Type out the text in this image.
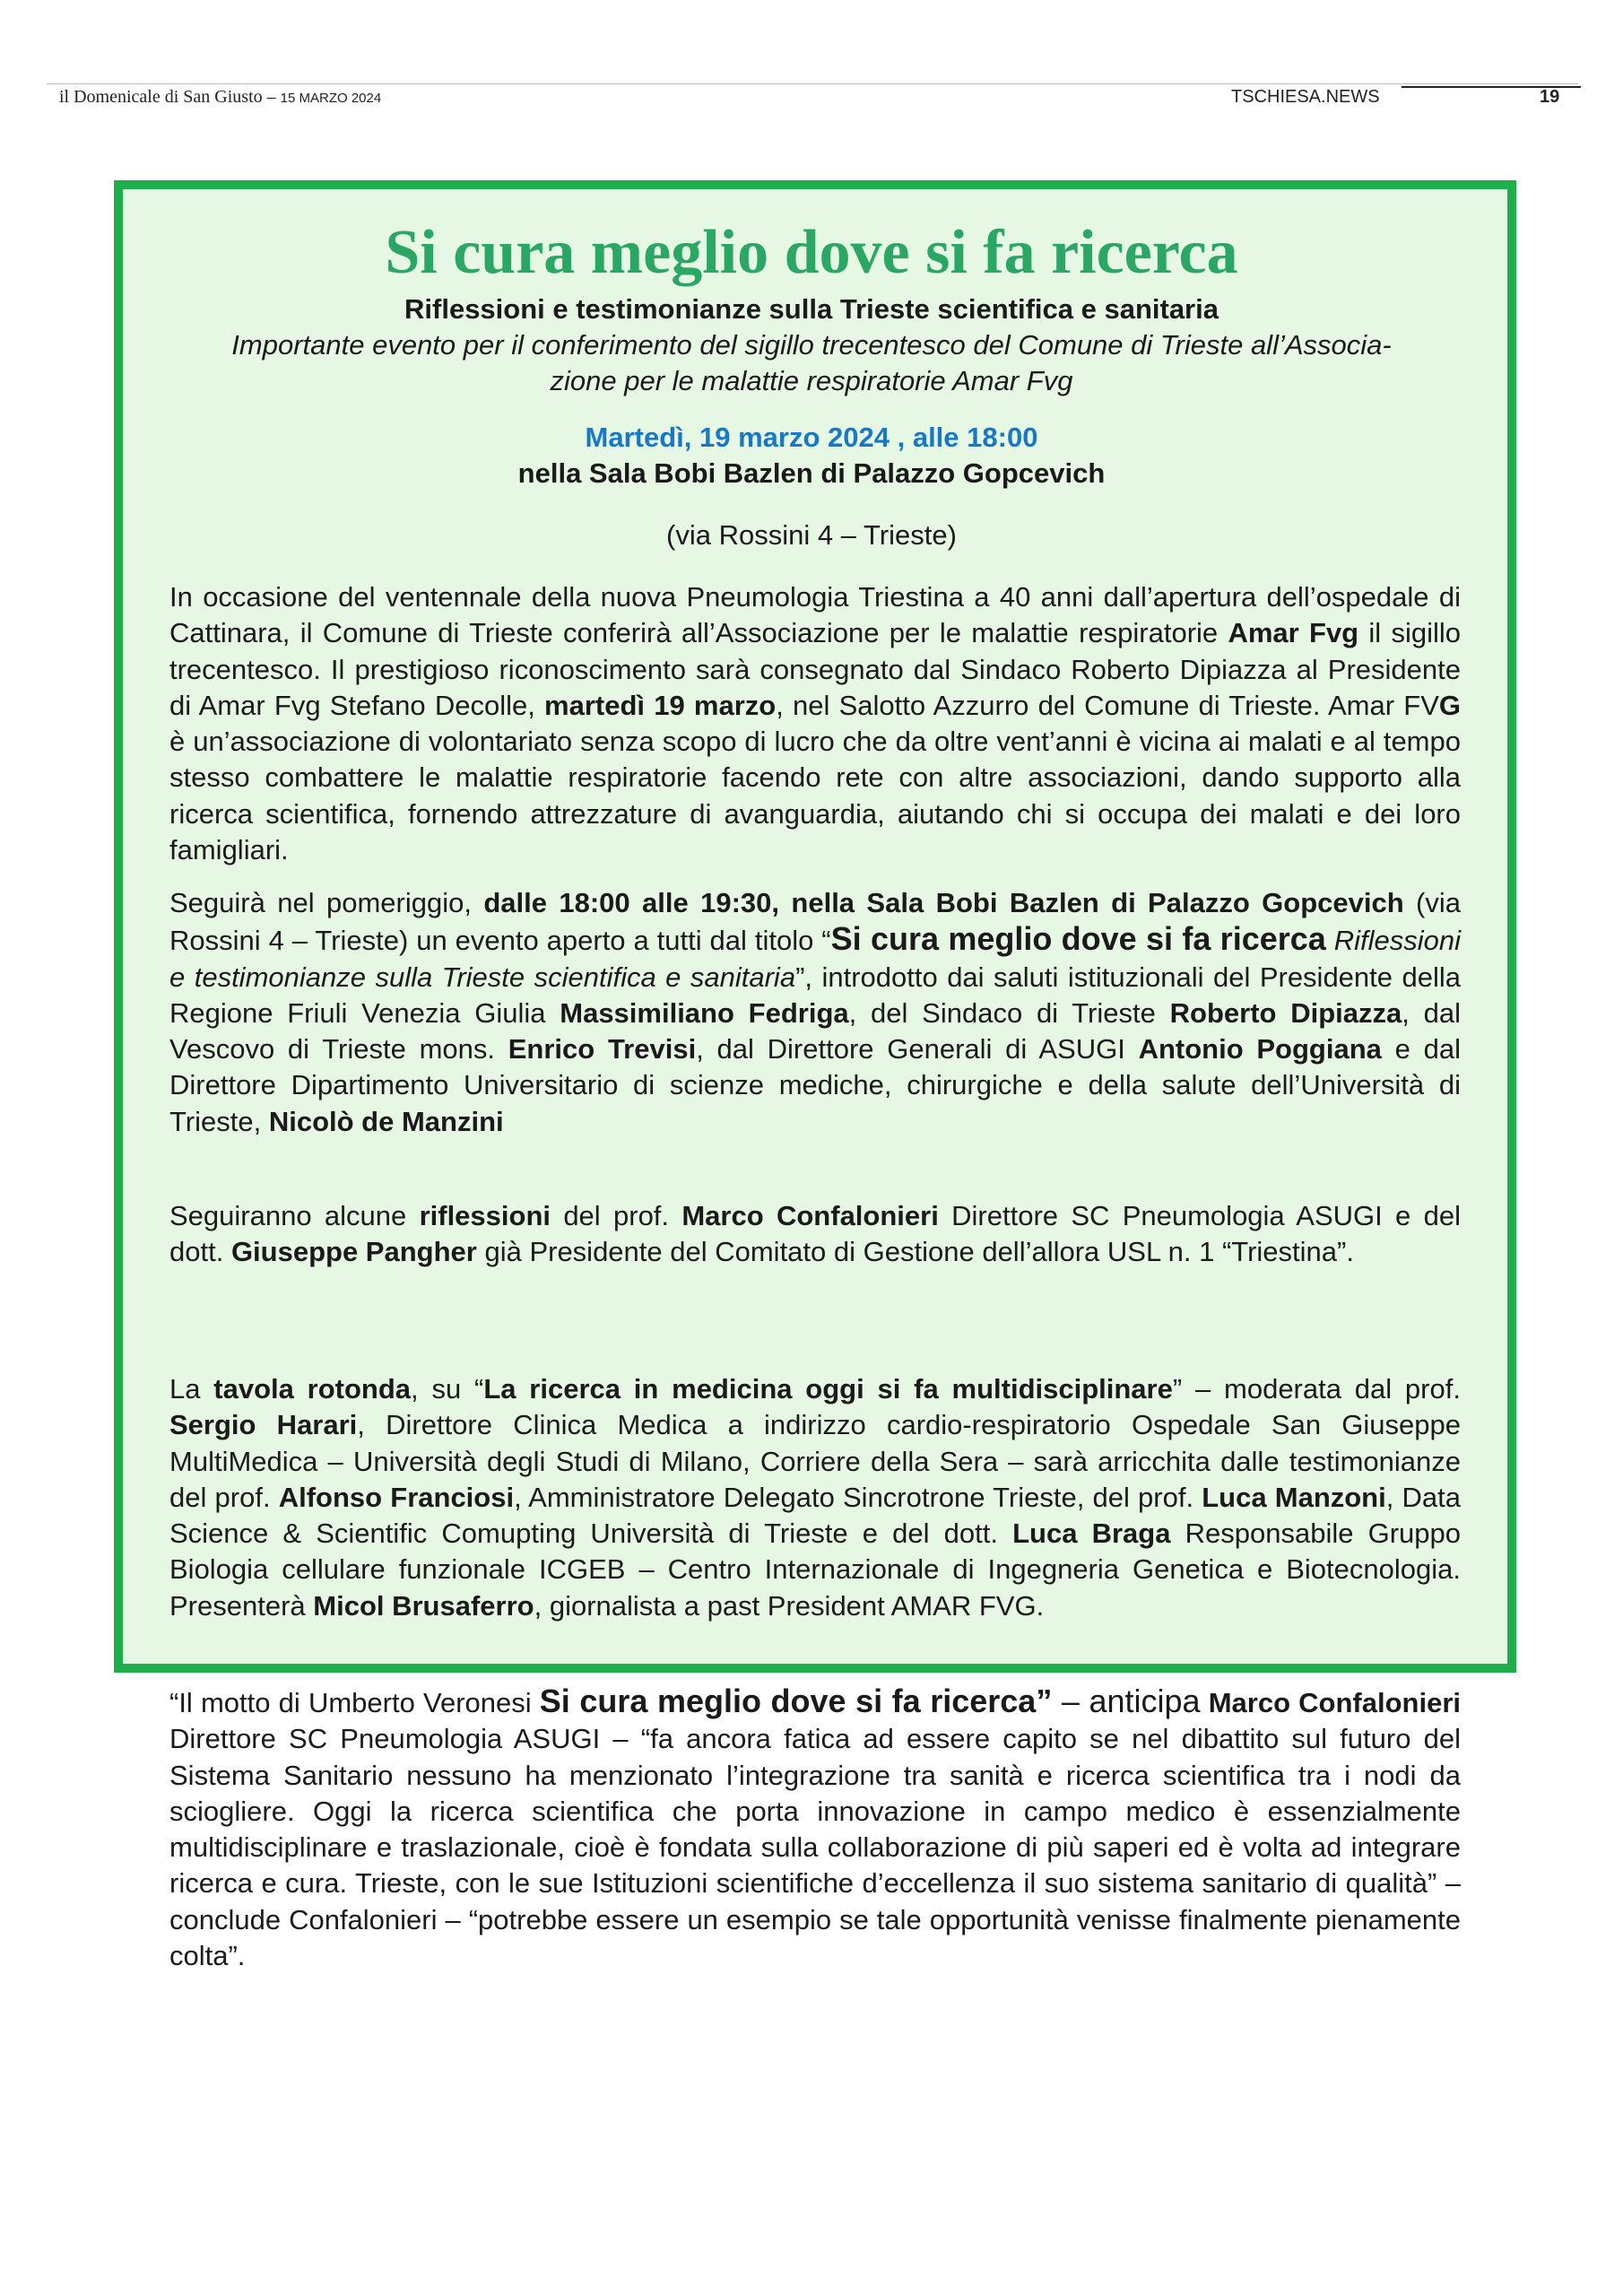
il Domenicale di San Giusto – 15 MARZO 2024	TSCHIESA.NEWS	19
Si cura meglio dove si fa ricerca
Riflessioni e testimonianze sulla Trieste scientifica e sanitaria
Importante evento per il conferimento del sigillo trecentesco del Comune di Trieste all’Associa-
zione per le malattie respiratorie Amar Fvg
Martedì, 19 marzo 2024 , alle 18:00
nella Sala Bobi Bazlen di Palazzo Gopcevich
(via Rossini 4 – Trieste)

In occasione del ventennale della nuova Pneumologia Triestina a 40 anni dall’apertura dell’ospedale di Cattinara, il Comune di Trieste conferirà all’Associazione per le malattie respiratorie Amar Fvg il sigillo trecentesco. Il prestigioso riconoscimento sarà consegnato dal Sindaco Roberto Dipiazza al Presidente di Amar Fvg Stefano Decolle, martedì 19 marzo, nel Salotto Azzurro del Comune di Trieste. Amar FVG è un’associazione di volontariato senza scopo di lucro che da oltre vent’anni è vicina ai malati e al tempo stesso combattere le malattie respiratorie facendo rete con altre associazioni, dando supporto alla ricerca scientifica, fornendo attrezzature di avanguardia, aiutando chi si occupa dei malati e dei loro famigliari.

Seguirà nel pomeriggio, dalle 18:00 alle 19:30, nella Sala Bobi Bazlen di Palazzo Gopcevich (via Rossini 4 – Trieste) un evento aperto a tutti dal titolo “Si cura meglio dove si fa ricerca Riflessioni e testimonianze sulla Trieste scientifica e sanitaria”, introdotto dai saluti istituzionali del Presidente della Regione Friuli Venezia Giulia Massimiliano Fedriga, del Sindaco di Trieste Roberto Dipiazza, dal Vescovo di Trieste mons. Enrico Trevisi, dal Direttore Generali di ASUGI Antonio Poggiana e dal Direttore Dipartimento Universitario di scienze mediche, chirurgiche e della salute dell’Università di Trieste, Nicolò de Manzini

Seguiranno alcune riflessioni del prof. Marco Confalonieri Direttore SC Pneumologia ASUGI e del dott. Giuseppe Pangher già Presidente del Comitato di Gestione dell’allora USL n. 1 “Triestina”.

La tavola rotonda, su “La ricerca in medicina oggi si fa multidisciplinare” – moderata dal prof. Sergio Harari, Direttore Clinica Medica a indirizzo cardio-respiratorio Ospedale San Giuseppe MultiMedica – Università degli Studi di Milano, Corriere della Sera – sarà arricchita dalle testimonianze del prof. Alfonso Franciosi, Amministratore Delegato Sincrotrone Trieste, del prof. Luca Manzoni, Data Science & Scientific Comupting Università di Trieste e del dott. Luca Braga Responsabile Gruppo Biologia cellulare funzionale ICGEB – Centro Internazionale di Ingegneria Genetica e Biotecnologia. Presenterà Micol Brusaferro, giornalista a past President AMAR FVG.

“Il motto di Umberto Veronesi Si cura meglio dove si fa ricerca” – anticipa Marco Confalonieri Direttore SC Pneumologia ASUGI – “fa ancora fatica ad essere capito se nel dibattito sul futuro del Sistema Sanitario nessuno ha menzionato l’integrazione tra sanità e ricerca scientifica tra i nodi da sciogliere. Oggi la ricerca scientifica che porta innovazione in campo medico è essenzialmente multidisciplinare e traslazionale, cioè è fondata sulla collaborazione di più saperi ed è volta ad integrare ricerca e cura. Trieste, con le sue Istituzioni scientifiche d’eccellenza il suo sistema sanitario di qualità” – conclude Confalonieri – “potrebbe essere un esempio se tale opportunità venisse finalmente pienamente colta”.
